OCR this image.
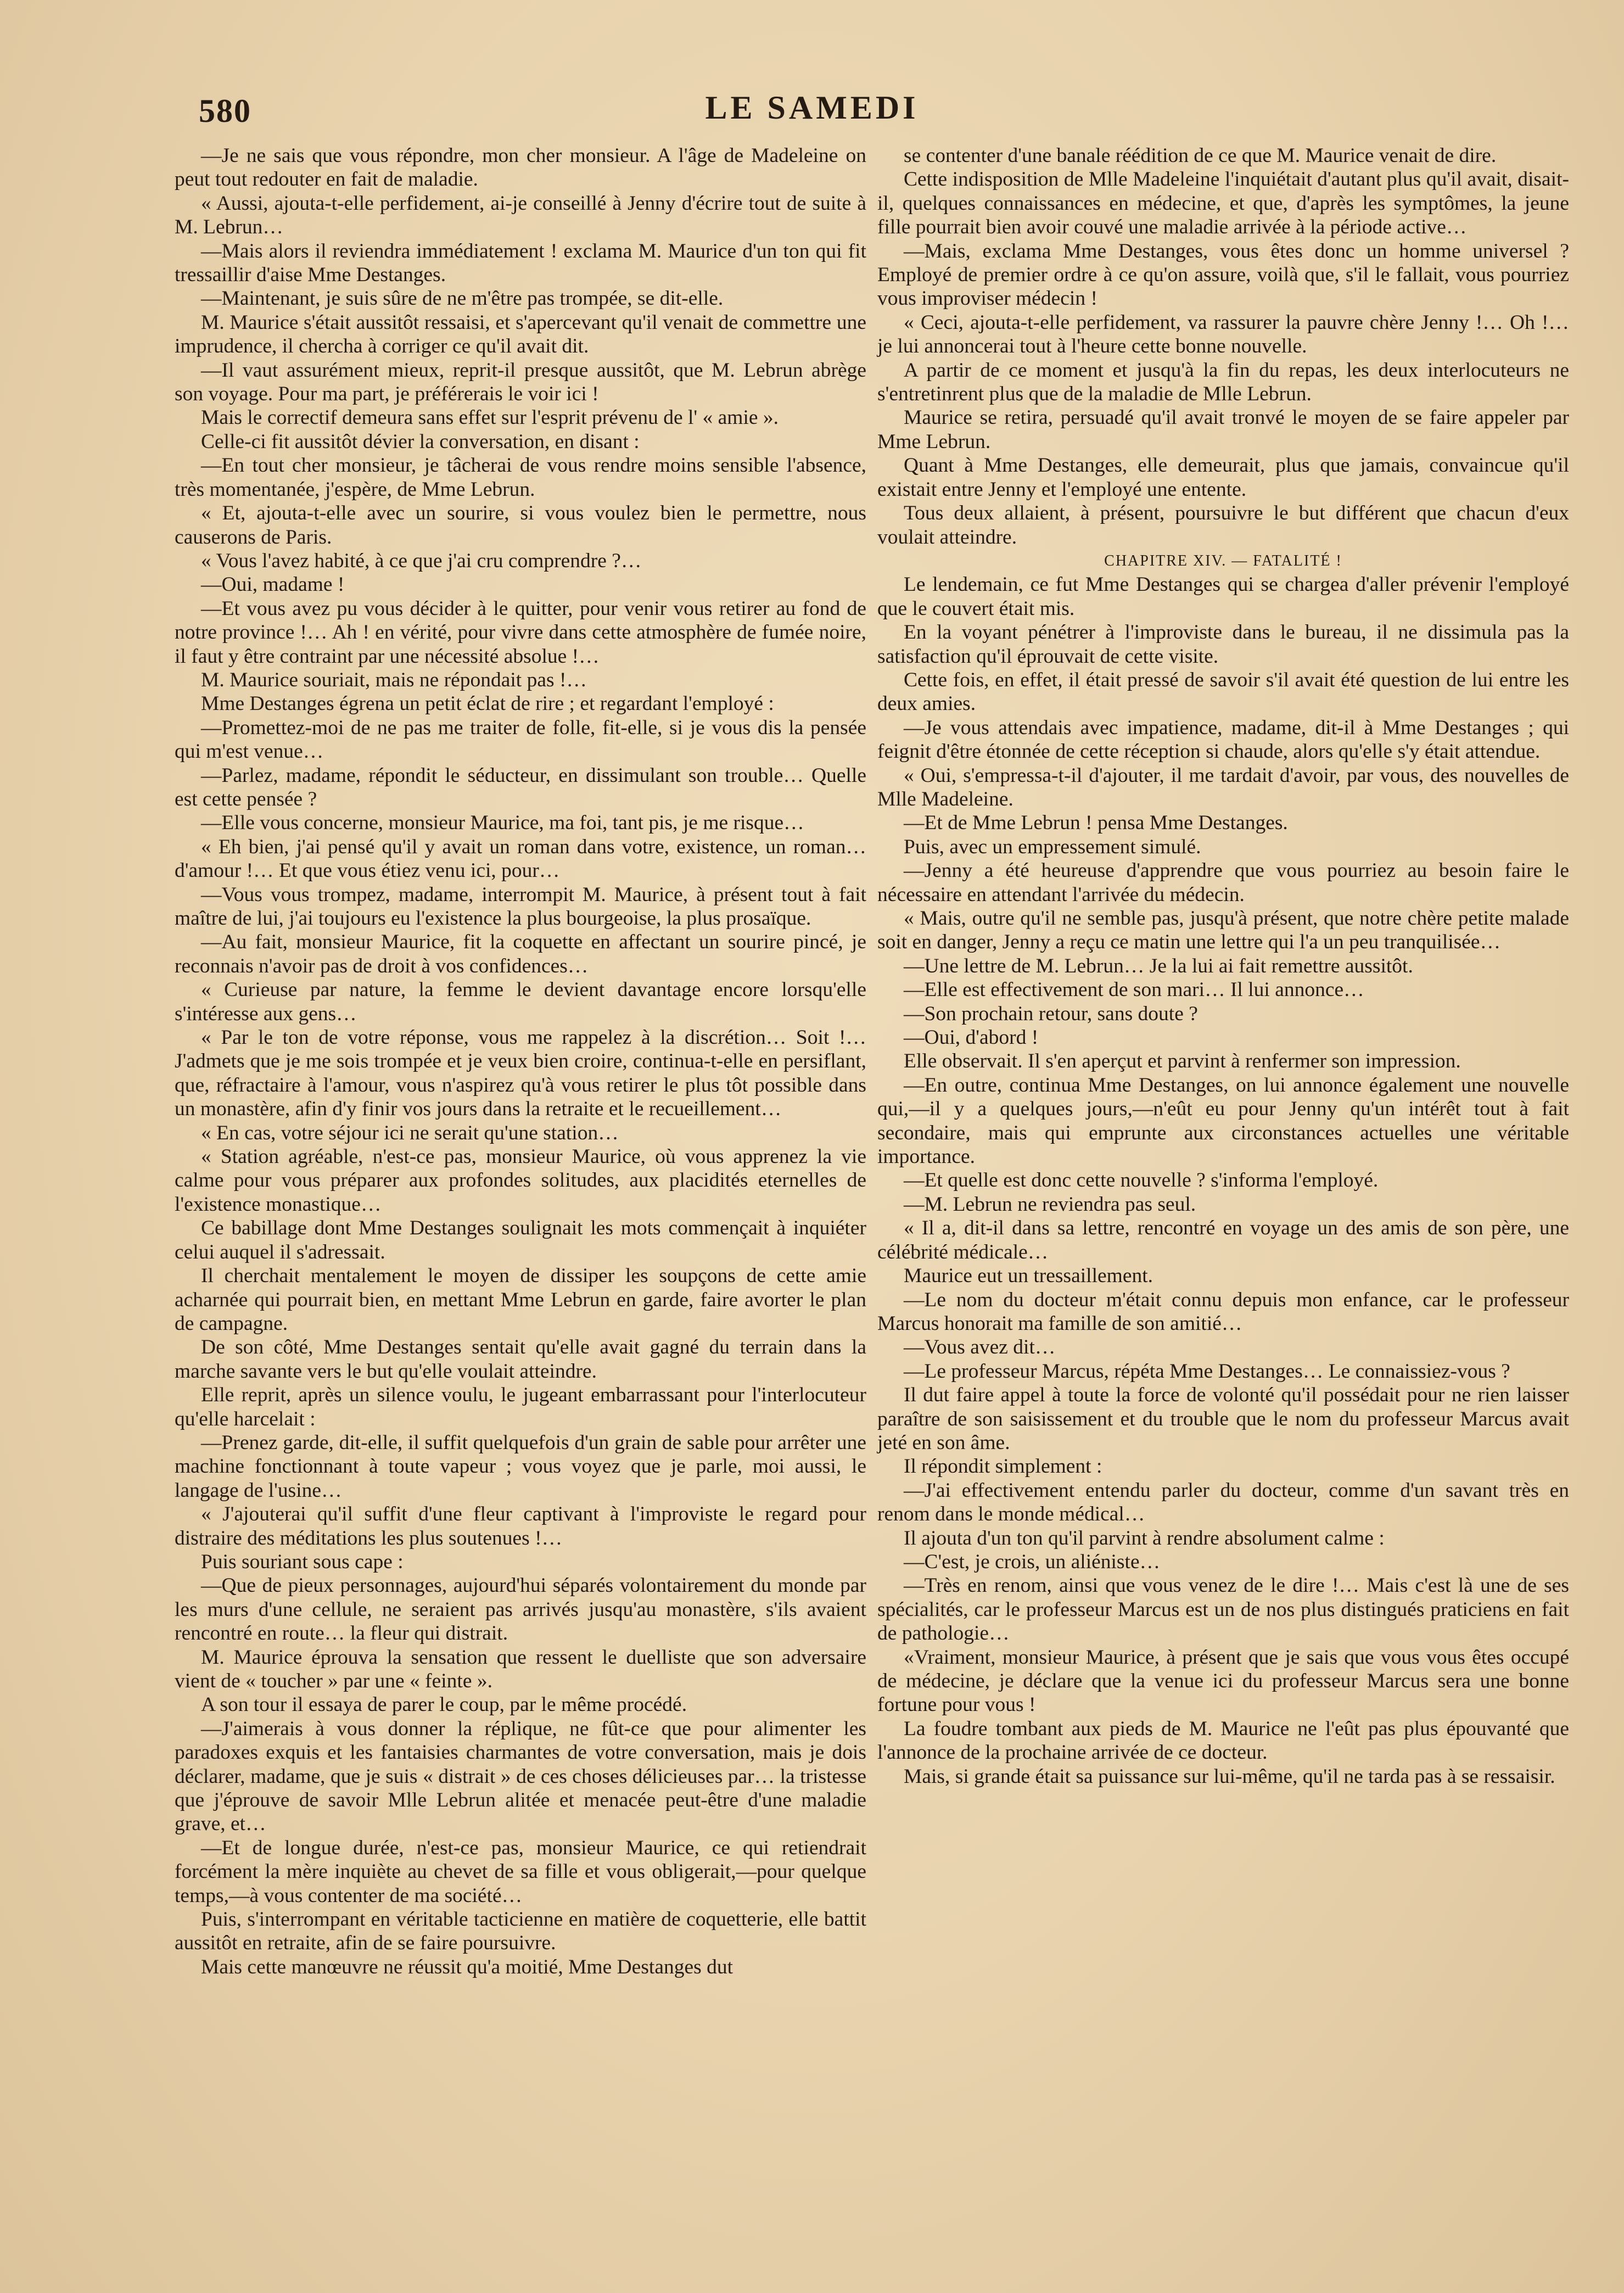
580	LE SAMEDI

—Je ne sais que vous répondre, mon cher monsieur. A l'âge de Madeleine on peut tout redouter en fait de maladie.

« Aussi, ajouta-t-elle perfidement, ai-je conseillé à Jenny d'écrire tout de suite à M. Lebrun…

—Mais alors il reviendra immédiatement ! exclama M. Maurice d'un ton qui fit tressaillir d'aise Mme Destanges.

—Maintenant, je suis sûre de ne m'être pas trompée, se dit-elle.

M. Maurice s'était aussitôt ressaisi, et s'apercevant qu'il venait de commettre une imprudence, il chercha à corriger ce qu'il avait dit.

—Il vaut assurément mieux, reprit-il presque aussitôt, que M. Lebrun abrège son voyage. Pour ma part, je préférerais le voir ici !

Mais le correctif demeura sans effet sur l'esprit prévenu de l' « amie ».

Celle-ci fit aussitôt dévier la conversation, en disant :

—En tout cher monsieur, je tâcherai de vous rendre moins sensible l'absence, très momentanée, j'espère, de Mme Lebrun.

« Et, ajouta-t-elle avec un sourire, si vous voulez bien le permettre, nous causerons de Paris.

« Vous l'avez habité, à ce que j'ai cru comprendre ?…

—Oui, madame !

—Et vous avez pu vous décider à le quitter, pour venir vous retirer au fond de notre province !… Ah ! en vérité, pour vivre dans cette atmosphère de fumée noire, il faut y être contraint par une nécessité absolue !…

M. Maurice souriait, mais ne répondait pas !…

Mme Destanges égrena un petit éclat de rire ; et regardant l'employé :

—Promettez-moi de ne pas me traiter de folle, fit-elle, si je vous dis la pensée qui m'est venue…

—Parlez, madame, répondit le séducteur, en dissimulant son trouble… Quelle est cette pensée ?

—Elle vous concerne, monsieur Maurice, ma foi, tant pis, je me risque…

« Eh bien, j'ai pensé qu'il y avait un roman dans votre, existence, un roman… d'amour !… Et que vous étiez venu ici, pour…

—Vous vous trompez, madame, interrompit M. Maurice, à présent tout à fait maître de lui, j'ai toujours eu l'existence la plus bourgeoise, la plus prosaïque.

—Au fait, monsieur Maurice, fit la coquette en affectant un sourire pincé, je reconnais n'avoir pas de droit à vos confidences…

« Curieuse par nature, la femme le devient davantage encore lorsqu'elle s'intéresse aux gens…

« Par le ton de votre réponse, vous me rappelez à la discrétion… Soit !… J'admets que je me sois trompée et je veux bien croire, continua-t-elle en persiflant, que, réfractaire à l'amour, vous n'aspirez qu'à vous retirer le plus tôt possible dans un monastère, afin d'y finir vos jours dans la retraite et le recueillement…

« En cas, votre séjour ici ne serait qu'une station…

« Station agréable, n'est-ce pas, monsieur Maurice, où vous apprenez la vie calme pour vous préparer aux profondes solitudes, aux placidités eternelles de l'existence monastique…

Ce babillage dont Mme Destanges soulignait les mots commençait à inquiéter celui auquel il s'adressait.

Il cherchait mentalement le moyen de dissiper les soupçons de cette amie acharnée qui pourrait bien, en mettant Mme Lebrun en garde, faire avorter le plan de campagne.

De son côté, Mme Destanges sentait qu'elle avait gagné du terrain dans la marche savante vers le but qu'elle voulait atteindre.

Elle reprit, après un silence voulu, le jugeant embarrassant pour l'interlocuteur qu'elle harcelait :

—Prenez garde, dit-elle, il suffit quelquefois d'un grain de sable pour arrêter une machine fonctionnant à toute vapeur ; vous voyez que je parle, moi aussi, le langage de l'usine…

« J'ajouterai qu'il suffit d'une fleur captivant à l'improviste le regard pour distraire des méditations les plus soutenues !…

Puis souriant sous cape :

—Que de pieux personnages, aujourd'hui séparés volontairement du monde par les murs d'une cellule, ne seraient pas arrivés jusqu'au monastère, s'ils avaient rencontré en route… la fleur qui distrait.

M. Maurice éprouva la sensation que ressent le duelliste que son adversaire vient de « toucher » par une « feinte ».

A son tour il essaya de parer le coup, par le même procédé.

—J'aimerais à vous donner la réplique, ne fût-ce que pour alimenter les paradoxes exquis et les fantaisies charmantes de votre conversation, mais je dois déclarer, madame, que je suis « distrait » de ces choses délicieuses par… la tristesse que j'éprouve de savoir Mlle Lebrun alitée et menacée peut-être d'une maladie grave, et…

—Et de longue durée, n'est-ce pas, monsieur Maurice, ce qui retiendrait forcément la mère inquiète au chevet de sa fille et vous obligerait,—pour quelque temps,—à vous contenter de ma société…

Puis, s'interrompant en véritable tacticienne en matière de coquetterie, elle battit aussitôt en retraite, afin de se faire poursuivre.

Mais cette manœuvre ne réussit qu'a moitié, Mme Destanges dut

se contenter d'une banale réédition de ce que M. Maurice venait de dire.

Cette indisposition de Mlle Madeleine l'inquiétait d'autant plus qu'il avait, disait-il, quelques connaissances en médecine, et que, d'après les symptômes, la jeune fille pourrait bien avoir couvé une maladie arrivée à la période active…

—Mais, exclama Mme Destanges, vous êtes donc un homme universel ? Employé de premier ordre à ce qu'on assure, voilà que, s'il le fallait, vous pourriez vous improviser médecin !

« Ceci, ajouta-t-elle perfidement, va rassurer la pauvre chère Jenny !… Oh !… je lui annoncerai tout à l'heure cette bonne nouvelle.

A partir de ce moment et jusqu'à la fin du repas, les deux interlocuteurs ne s'entretinrent plus que de la maladie de Mlle Lebrun.

Maurice se retira, persuadé qu'il avait tronvé le moyen de se faire appeler par Mme Lebrun.

Quant à Mme Destanges, elle demeurait, plus que jamais, convaincue qu'il existait entre Jenny et l'employé une entente.

Tous deux allaient, à présent, poursuivre le but différent que chacun d'eux voulait atteindre.

CHAPITRE XIV. — FATALITÉ !

Le lendemain, ce fut Mme Destanges qui se chargea d'aller prévenir l'employé que le couvert était mis.

En la voyant pénétrer à l'improviste dans le bureau, il ne dissimula pas la satisfaction qu'il éprouvait de cette visite.

Cette fois, en effet, il était pressé de savoir s'il avait été question de lui entre les deux amies.

—Je vous attendais avec impatience, madame, dit-il à Mme Destanges ; qui feignit d'être étonnée de cette réception si chaude, alors qu'elle s'y était attendue.

« Oui, s'empressa-t-il d'ajouter, il me tardait d'avoir, par vous, des nouvelles de Mlle Madeleine.

—Et de Mme Lebrun ! pensa Mme Destanges.

Puis, avec un empressement simulé.

—Jenny a été heureuse d'apprendre que vous pourriez au besoin faire le nécessaire en attendant l'arrivée du médecin.

« Mais, outre qu'il ne semble pas, jusqu'à présent, que notre chère petite malade soit en danger, Jenny a reçu ce matin une lettre qui l'a un peu tranquilisée…

—Une lettre de M. Lebrun… Je la lui ai fait remettre aussitôt.

—Elle est effectivement de son mari… Il lui annonce…

—Son prochain retour, sans doute ?

—Oui, d'abord !

Elle observait. Il s'en aperçut et parvint à renfermer son impression.

—En outre, continua Mme Destanges, on lui annonce également une nouvelle qui,—il y a quelques jours,—n'eût eu pour Jenny qu'un intérêt tout à fait secondaire, mais qui emprunte aux circonstances actuelles une véritable importance.

—Et quelle est donc cette nouvelle ? s'informa l'employé.

—M. Lebrun ne reviendra pas seul.

« Il a, dit-il dans sa lettre, rencontré en voyage un des amis de son père, une célébrité médicale…

Maurice eut un tressaillement.

—Le nom du docteur m'était connu depuis mon enfance, car le professeur Marcus honorait ma famille de son amitié…

—Vous avez dit…

—Le professeur Marcus, répéta Mme Destanges… Le connaissiez-vous ?

Il dut faire appel à toute la force de volonté qu'il possédait pour ne rien laisser paraître de son saisissement et du trouble que le nom du professeur Marcus avait jeté en son âme.

Il répondit simplement :

—J'ai effectivement entendu parler du docteur, comme d'un savant très en renom dans le monde médical…

Il ajouta d'un ton qu'il parvint à rendre absolument calme :

—C'est, je crois, un aliéniste…

—Très en renom, ainsi que vous venez de le dire !… Mais c'est là une de ses spécialités, car le professeur Marcus est un de nos plus distingués praticiens en fait de pathologie…

«Vraiment, monsieur Maurice, à présent que je sais que vous vous êtes occupé de médecine, je déclare que la venue ici du professeur Marcus sera une bonne fortune pour vous !

La foudre tombant aux pieds de M. Maurice ne l'eût pas plus épouvanté que l'annonce de la prochaine arrivée de ce docteur.

Mais, si grande était sa puissance sur lui-même, qu'il ne tarda pas à se ressaisir.
